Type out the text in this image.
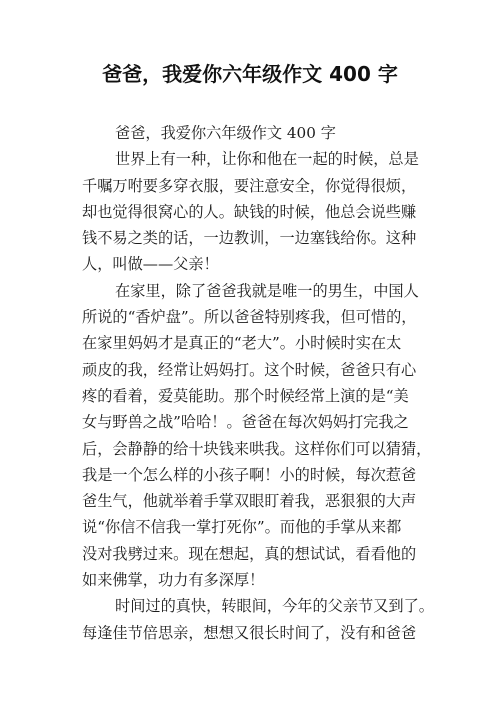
爸爸，我爱你六年级作文 400 字
爸爸，我爱你六年级作文 400 字
世界上有一种，让你和他在一起的时候，总是
千嘱万咐要多穿衣服，要注意安全，你觉得很烦，
却也觉得很窝心的人。缺钱的时候，他总会说些赚
钱不易之类的话，一边教训，一边塞钱给你。这种
人，叫做——父亲！
在家里，除了爸爸我就是唯一的男生，中国人
所说的“香炉盘”。所以爸爸特别疼我，但可惜的，
在家里妈妈才是真正的“老大”。小时候时实在太
顽皮的我，经常让妈妈打。这个时候，爸爸只有心
疼的看着，爱莫能助。那个时候经常上演的是“美
女与野兽之战”哈哈！。爸爸在每次妈妈打完我之
后，会静静的给十块钱来哄我。这样你们可以猜猜，
我是一个怎么样的小孩子啊！小的时候，每次惹爸
爸生气，他就举着手掌双眼盯着我，恶狠狠的大声
说“你信不信我一掌打死你”。而他的手掌从来都
没对我劈过来。现在想起，真的想试试，看看他的
如来佛掌，功力有多深厚！
时间过的真快，转眼间，今年的父亲节又到了。
每逢佳节倍思亲，想想又很长时间了，没有和爸爸
